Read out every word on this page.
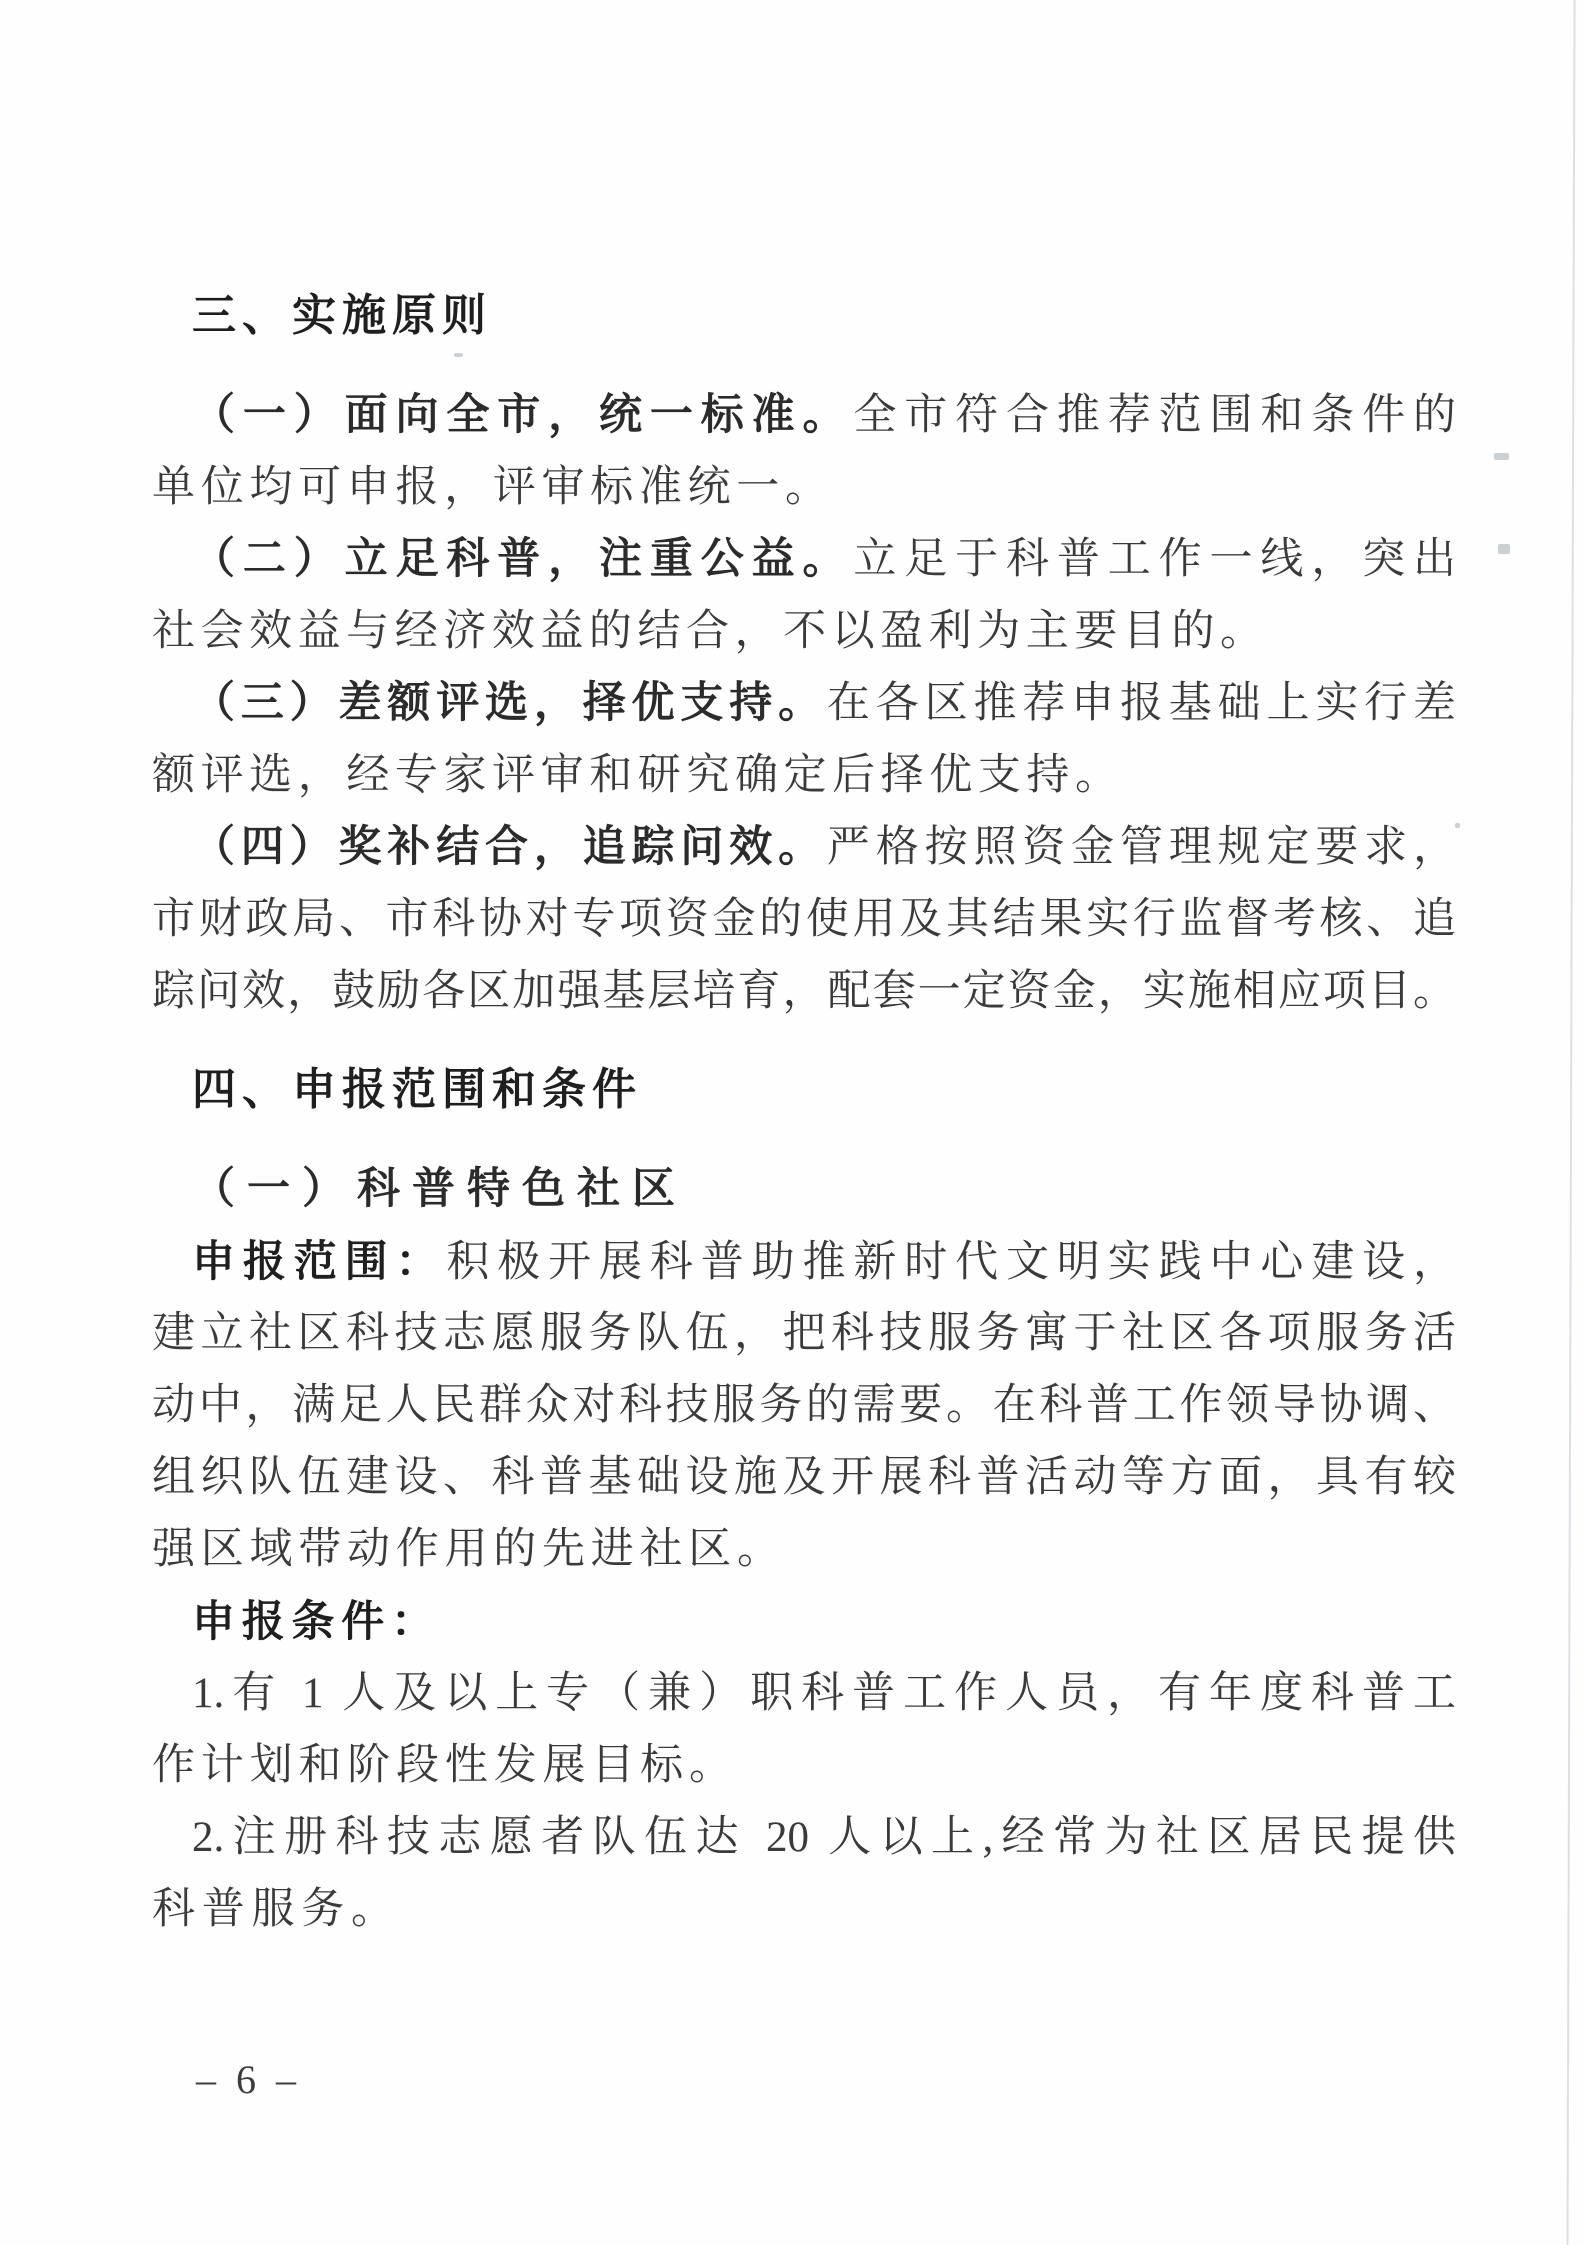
三、实施原则
（一）面向全市，统一标准。全市符合推荐范围和条件的
单位均可申报，评审标准统一。
（二）立足科普，注重公益。立足于科普工作一线，突出
社会效益与经济效益的结合，不以盈利为主要目的。
（三）差额评选，择优支持。在各区推荐申报基础上实行差
额评选，经专家评审和研究确定后择优支持。
（四）奖补结合，追踪问效。严格按照资金管理规定要求，
市财政局、市科协对专项资金的使用及其结果实行监督考核、追
踪问效，鼓励各区加强基层培育，配套一定资金，实施相应项目。
四、申报范围和条件
（一）科普特色社区
申报范围：积极开展科普助推新时代文明实践中心建设，
建立社区科技志愿服务队伍，把科技服务寓于社区各项服务活
动中，满足人民群众对科技服务的需要。在科普工作领导协调、
组织队伍建设、科普基础设施及开展科普活动等方面，具有较
强区域带动作用的先进社区。
申报条件：
1.有 1 人及以上专（兼）职科普工作人员，有年度科普工
作计划和阶段性发展目标。
2.注册科技志愿者队伍达 20 人以上,经常为社区居民提供
科普服务。
– 6 –
